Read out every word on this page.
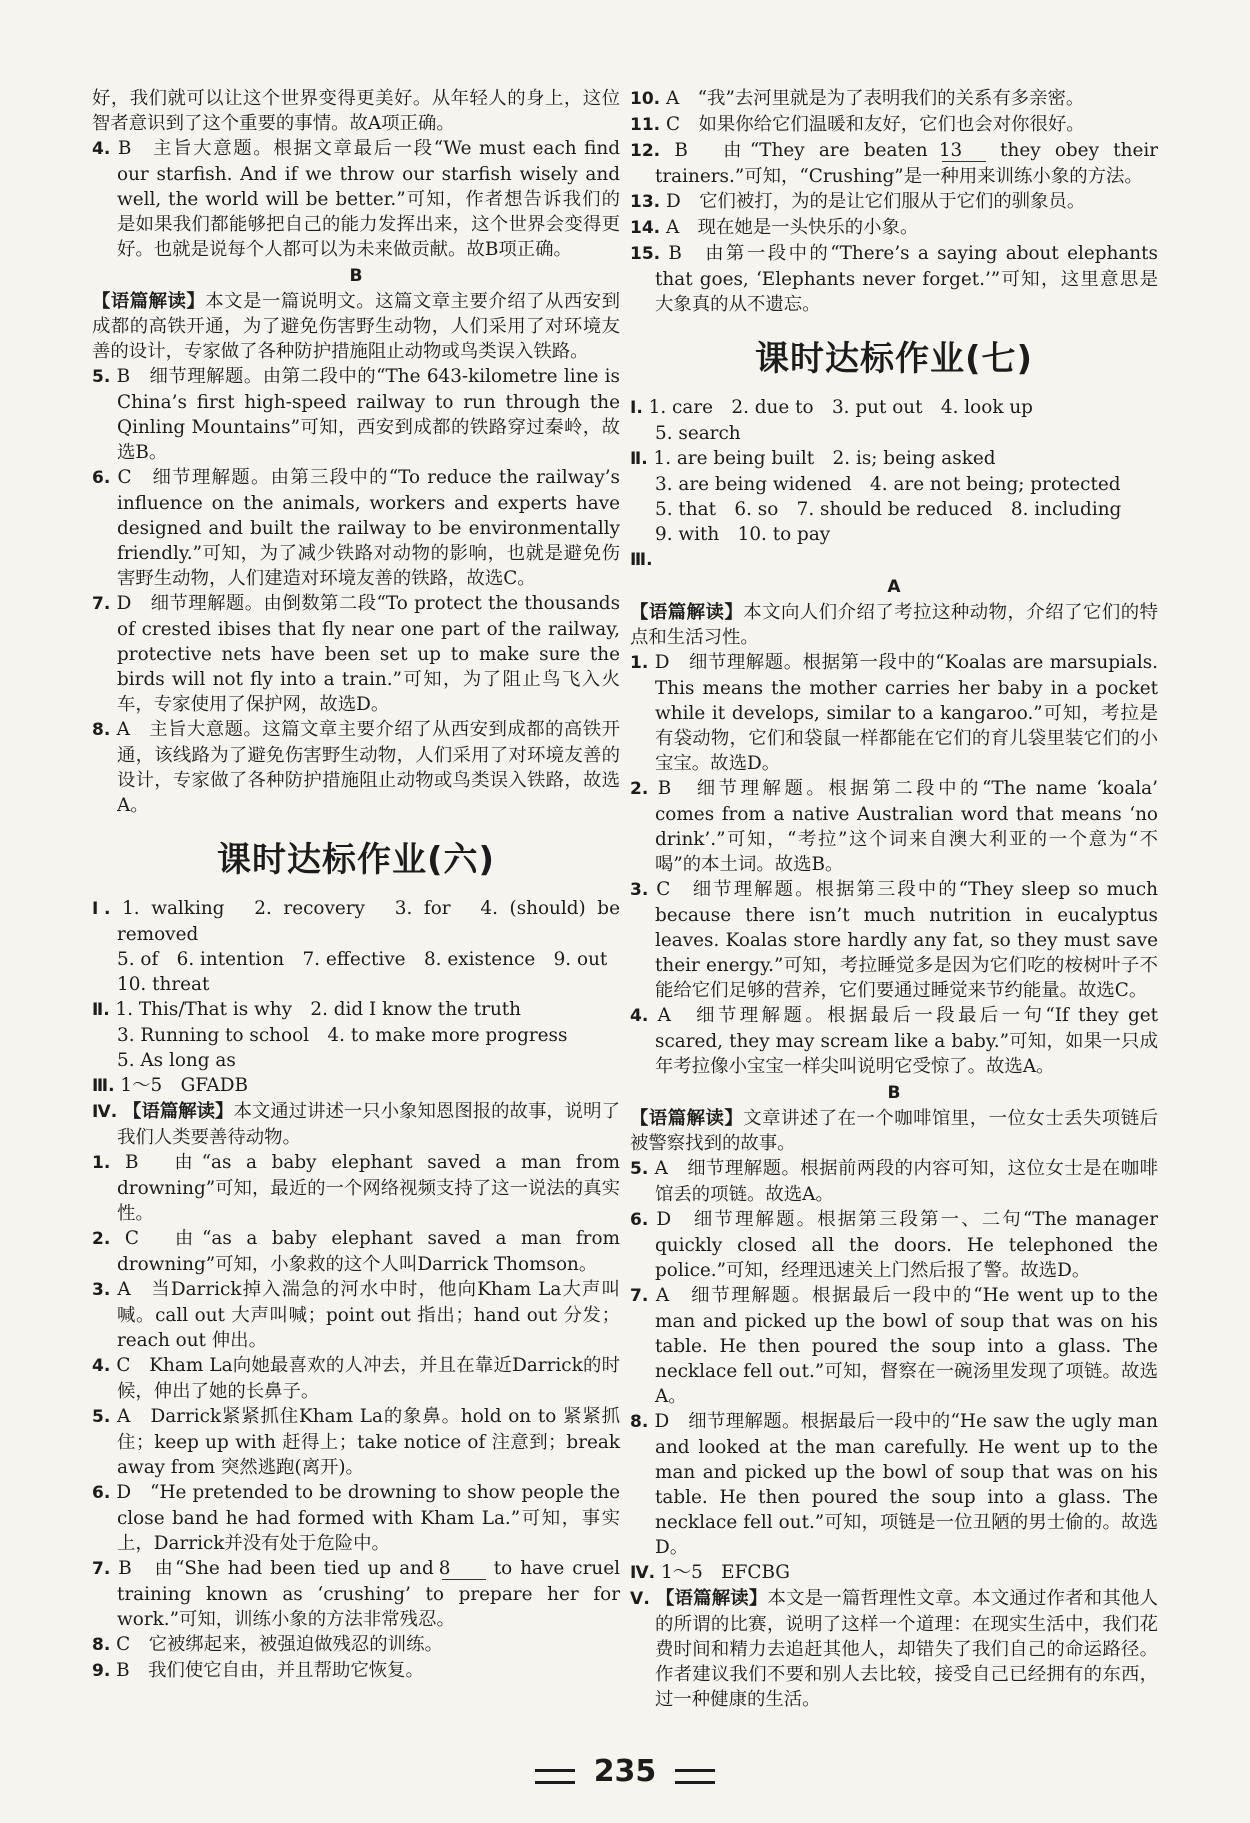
好，我们就可以让这个世界变得更美好。从年轻人的身上，这位智者意识到了这个重要的事情。故A项正确。

4. B　主旨大意题。根据文章最后一段“We must each find our starfish. And if we throw our starfish wisely and well, the world will be better.”可知，作者想告诉我们的是如果我们都能够把自己的能力发挥出来，这个世界会变得更好。也就是说每个人都可以为未来做贡献。故B项正确。

B

【语篇解读】本文是一篇说明文。这篇文章主要介绍了从西安到成都的高铁开通，为了避免伤害野生动物，人们采用了对环境友善的设计，专家做了各种防护措施阻止动物或鸟类误入铁路。

5. B　细节理解题。由第二段中的“The 643-kilometre line is China’s first high-speed railway to run through the Qinling Mountains”可知，西安到成都的铁路穿过秦岭，故选B。

6. C　细节理解题。由第三段中的“To reduce the railway’s influence on the animals, workers and experts have designed and built the railway to be environmentally friendly.”可知，为了减少铁路对动物的影响，也就是避免伤害野生动物，人们建造对环境友善的铁路，故选C。

7. D　细节理解题。由倒数第二段“To protect the thousands of crested ibises that fly near one part of the railway, protective nets have been set up to make sure the birds will not fly into a train.”可知，为了阻止鸟飞入火车，专家使用了保护网，故选D。

8. A　主旨大意题。这篇文章主要介绍了从西安到成都的高铁开通，该线路为了避免伤害野生动物，人们采用了对环境友善的设计，专家做了各种防护措施阻止动物或鸟类误入铁路，故选A。

课时达标作业(六)

Ⅰ. 1. walking　2. recovery　3. for　4. (should) be removed

5. of　6. intention　7. effective　8. existence　9. out

10. threat

Ⅱ. 1. This/That is why　2. did I know the truth

3. Running to school　4. to make more progress

5. As long as

Ⅲ. 1～5　GFADB

Ⅳ. 【语篇解读】本文通过讲述一只小象知恩图报的故事，说明了我们人类要善待动物。

1. B　由“as a baby elephant saved a man from drowning”可知，最近的一个网络视频支持了这一说法的真实性。

2. C　由“as a baby elephant saved a man from drowning”可知，小象救的这个人叫Darrick Thomson。

3. A　当Darrick掉入湍急的河水中时，他向Kham La大声叫喊。call out 大声叫喊；point out 指出；hand out 分发；reach out 伸出。

4. C　Kham La向她最喜欢的人冲去，并且在靠近Darrick的时候，伸出了她的长鼻子。

5. A　Darrick紧紧抓住Kham La的象鼻。hold on to 紧紧抓住；keep up with 赶得上；take notice of 注意到；break away from 突然逃跑(离开)。

6. D　“He pretended to be drowning to show people the close band he had formed with Kham La.”可知，事实上，Darrick并没有处于危险中。

7. B　由“She had been tied up and 8 to have cruel training known as ‘crushing’ to prepare her for work.”可知，训练小象的方法非常残忍。

8. C　它被绑起来，被强迫做残忍的训练。

9. B　我们使它自由，并且帮助它恢复。

10. A　“我”去河里就是为了表明我们的关系有多亲密。

11. C　如果你给它们温暖和友好，它们也会对你很好。

12. B　由“They are beaten 13 they obey their trainers.”可知，“Crushing”是一种用来训练小象的方法。

13. D　它们被打，为的是让它们服从于它们的驯象员。

14. A　现在她是一头快乐的小象。

15. B　由第一段中的“There’s a saying about elephants that goes, ‘Elephants never forget.’”可知，这里意思是大象真的从不遗忘。

课时达标作业(七)

Ⅰ. 1. care　2. due to　3. put out　4. look up

5. search

Ⅱ. 1. are being built　2. is; being asked

3. are being widened　4. are not being; protected

5. that　6. so　7. should be reduced　8. including

9. with　10. to pay

Ⅲ.

A

【语篇解读】本文向人们介绍了考拉这种动物，介绍了它们的特点和生活习性。

1. D　细节理解题。根据第一段中的“Koalas are marsupials. This means the mother carries her baby in a pocket while it develops, similar to a kangaroo.”可知，考拉是有袋动物，它们和袋鼠一样都能在它们的育儿袋里装它们的小宝宝。故选D。

2. B　细节理解题。根据第二段中的“The name ‘koala’ comes from a native Australian word that means ‘no drink’.”可知，“考拉”这个词来自澳大利亚的一个意为“不喝”的本土词。故选B。

3. C　细节理解题。根据第三段中的“They sleep so much because there isn’t much nutrition in eucalyptus leaves. Koalas store hardly any fat, so they must save their energy.”可知，考拉睡觉多是因为它们吃的桉树叶子不能给它们足够的营养，它们要通过睡觉来节约能量。故选C。

4. A　细节理解题。根据最后一段最后一句“If they get scared, they may scream like a baby.”可知，如果一只成年考拉像小宝宝一样尖叫说明它受惊了。故选A。

B

【语篇解读】文章讲述了在一个咖啡馆里，一位女士丢失项链后被警察找到的故事。

5. A　细节理解题。根据前两段的内容可知，这位女士是在咖啡馆丢的项链。故选A。

6. D　细节理解题。根据第三段第一、二句“The manager quickly closed all the doors. He telephoned the police.”可知，经理迅速关上门然后报了警。故选D。

7. A　细节理解题。根据最后一段中的“He went up to the man and picked up the bowl of soup that was on his table. He then poured the soup into a glass. The necklace fell out.”可知，督察在一碗汤里发现了项链。故选A。

8. D　细节理解题。根据最后一段中的“He saw the ugly man and looked at the man carefully. He went up to the man and picked up the bowl of soup that was on his table. He then poured the soup into a glass. The necklace fell out.”可知，项链是一位丑陋的男士偷的。故选D。

Ⅳ. 1～5　EFCBG

Ⅴ. 【语篇解读】本文是一篇哲理性文章。本文通过作者和其他人的所谓的比赛，说明了这样一个道理：在现实生活中，我们花费时间和精力去追赶其他人，却错失了我们自己的命运路径。作者建议我们不要和别人去比较，接受自己已经拥有的东西，过一种健康的生活。

235
